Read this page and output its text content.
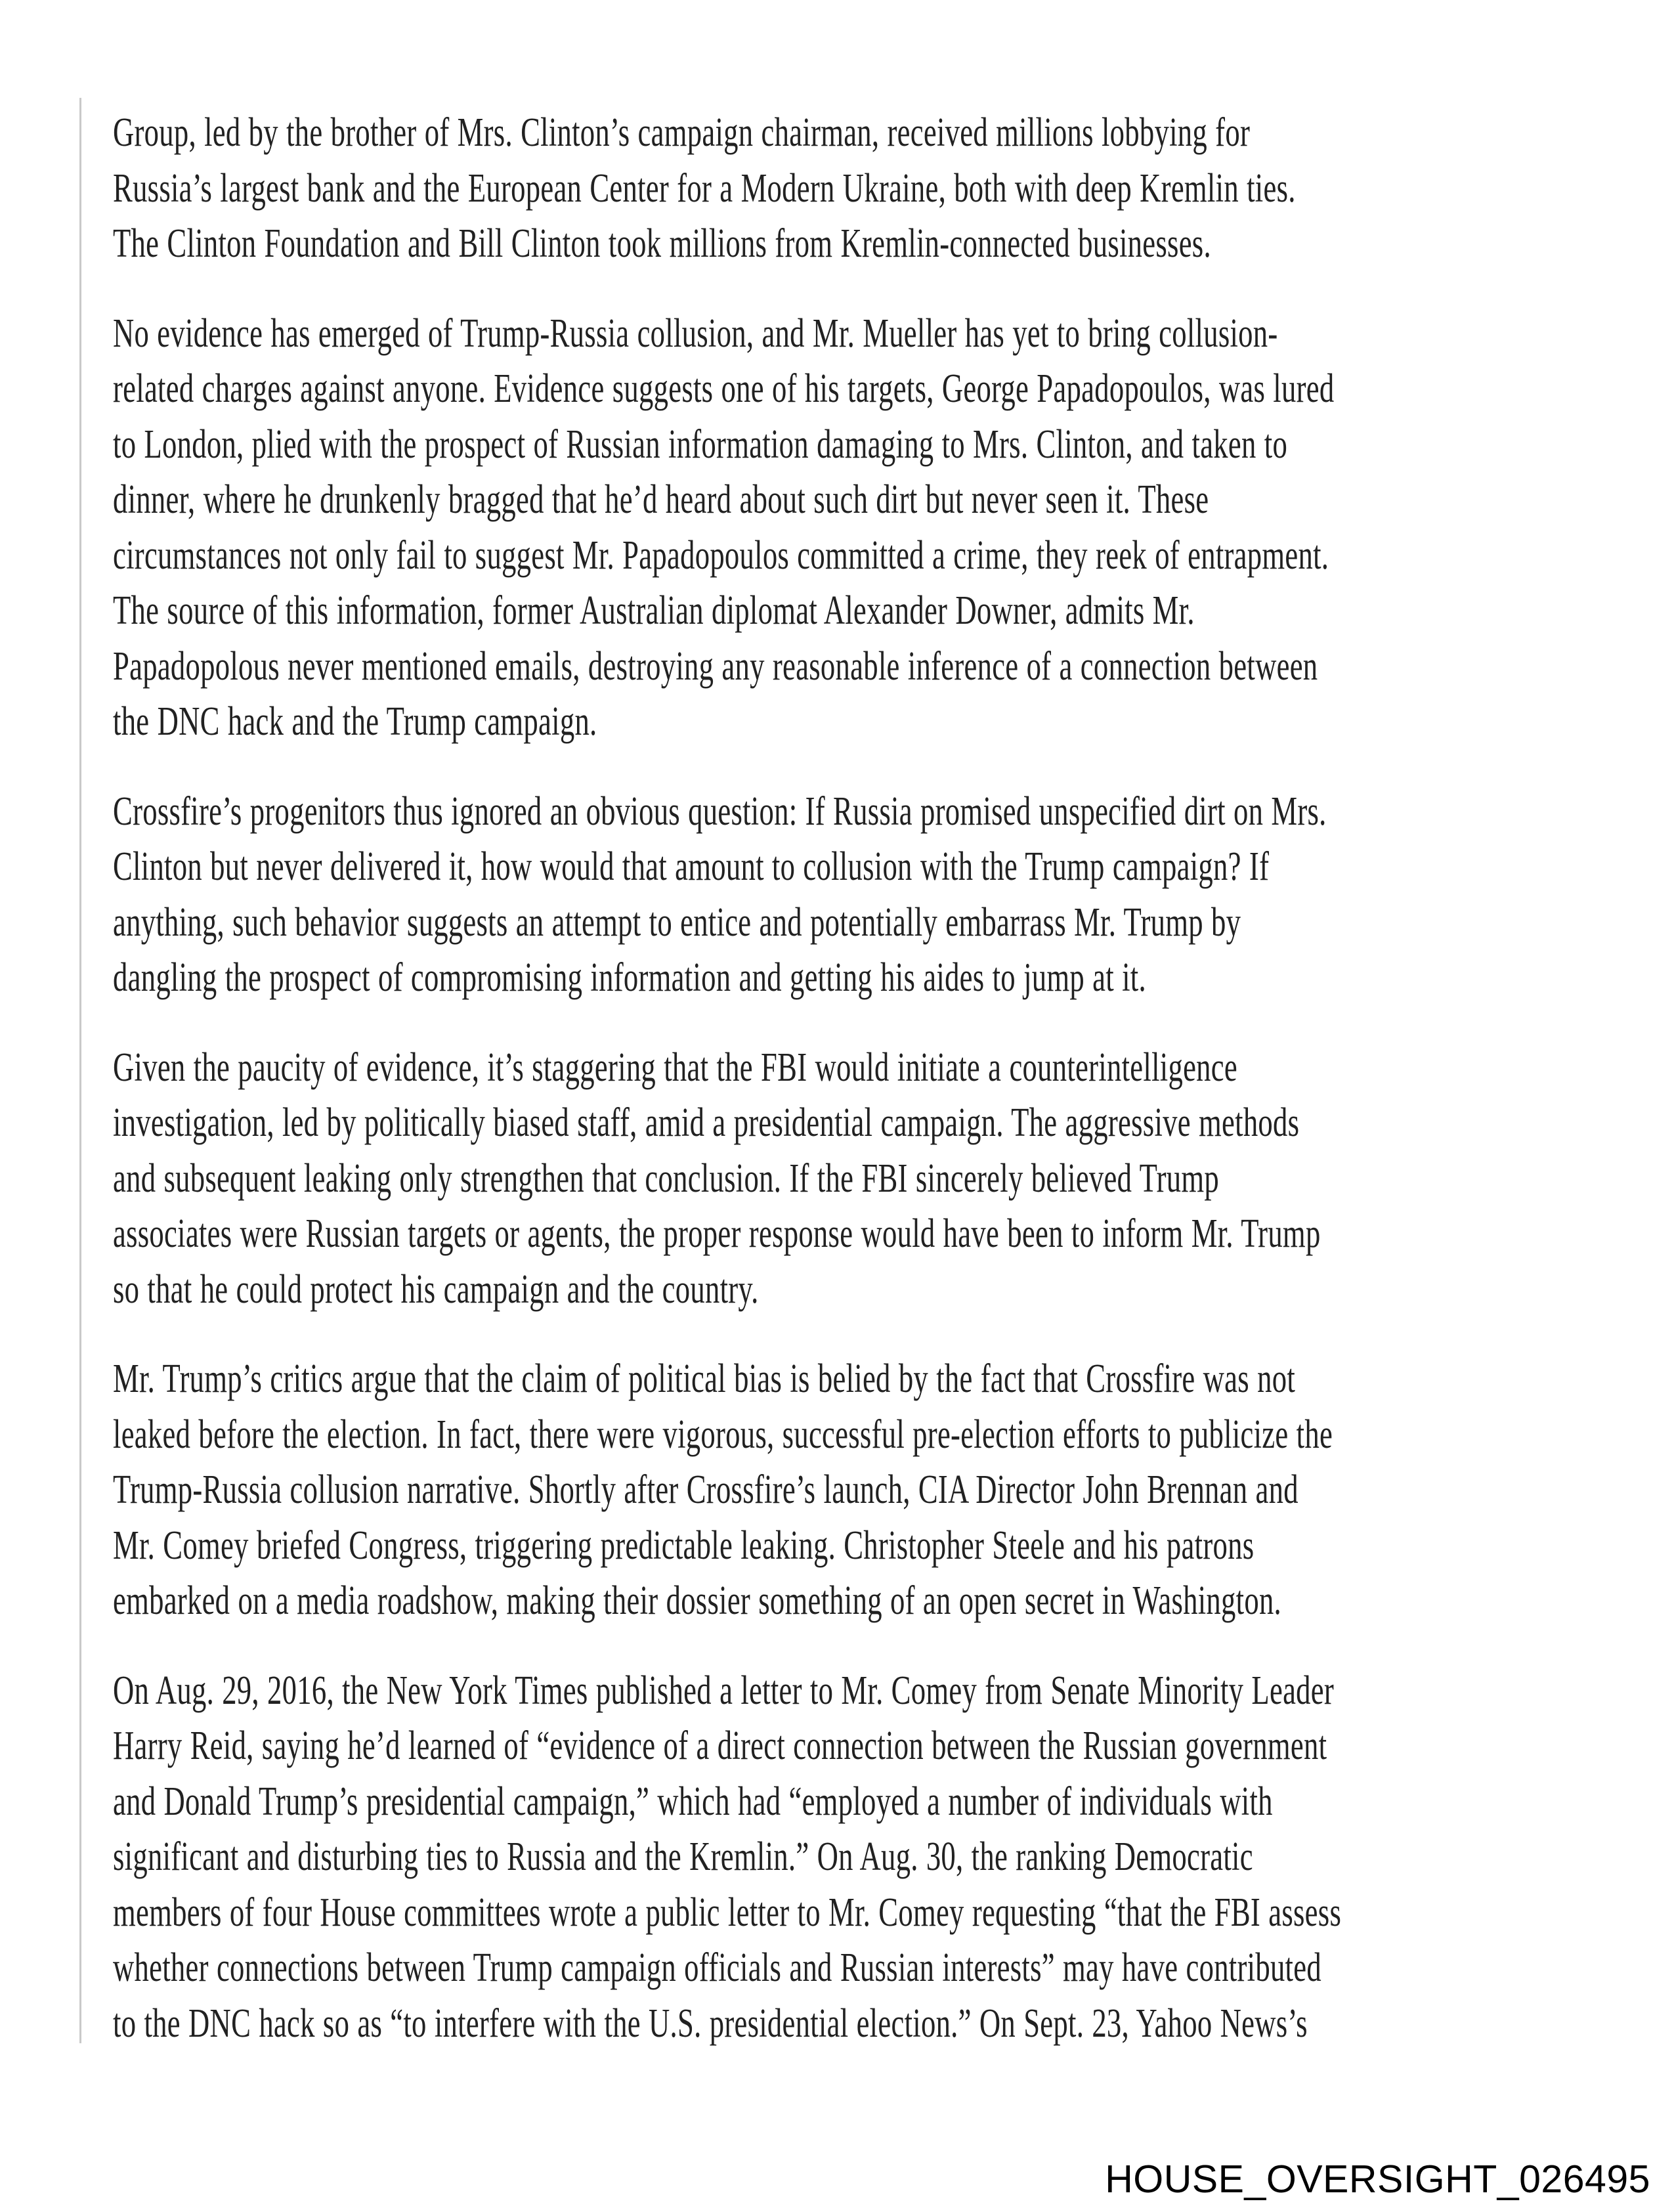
Group, led by the brother of Mrs. Clinton’s campaign chairman, received millions lobbying for
Russia’s largest bank and the European Center for a Modern Ukraine, both with deep Kremlin ties.
The Clinton Foundation and Bill Clinton took millions from Kremlin-connected businesses.

No evidence has emerged of Trump-Russia collusion, and Mr. Mueller has yet to bring collusion-
related charges against anyone. Evidence suggests one of his targets, George Papadopoulos, was lured
to London, plied with the prospect of Russian information damaging to Mrs. Clinton, and taken to
dinner, where he drunkenly bragged that he’d heard about such dirt but never seen it. These
circumstances not only fail to suggest Mr. Papadopoulos committed a crime, they reek of entrapment.
The source of this information, former Australian diplomat Alexander Downer, admits Mr.
Papadopolous never mentioned emails, destroying any reasonable inference of a connection between
the DNC hack and the Trump campaign.

Crossfire’s progenitors thus ignored an obvious question: If Russia promised unspecified dirt on Mrs.
Clinton but never delivered it, how would that amount to collusion with the Trump campaign? If
anything, such behavior suggests an attempt to entice and potentially embarrass Mr. Trump by
dangling the prospect of compromising information and getting his aides to jump at it.

Given the paucity of evidence, it’s staggering that the FBI would initiate a counterintelligence
investigation, led by politically biased staff, amid a presidential campaign. The aggressive methods
and subsequent leaking only strengthen that conclusion. If the FBI sincerely believed Trump
associates were Russian targets or agents, the proper response would have been to inform Mr. Trump
so that he could protect his campaign and the country.

Mr. Trump’s critics argue that the claim of political bias is belied by the fact that Crossfire was not
leaked before the election. In fact, there were vigorous, successful pre-election efforts to publicize the
Trump-Russia collusion narrative. Shortly after Crossfire’s launch, CIA Director John Brennan and
Mr. Comey briefed Congress, triggering predictable leaking. Christopher Steele and his patrons
embarked on a media roadshow, making their dossier something of an open secret in Washington.

On Aug. 29, 2016, the New York Times published a letter to Mr. Comey from Senate Minority Leader
Harry Reid, saying he’d learned of “evidence of a direct connection between the Russian government
and Donald Trump’s presidential campaign,” which had “employed a number of individuals with
significant and disturbing ties to Russia and the Kremlin.” On Aug. 30, the ranking Democratic
members of four House committees wrote a public letter to Mr. Comey requesting “that the FBI assess
whether connections between Trump campaign officials and Russian interests” may have contributed
to the DNC hack so as “to interfere with the U.S. presidential election.” On Sept. 23, Yahoo News’s

HOUSE_OVERSIGHT_026495
